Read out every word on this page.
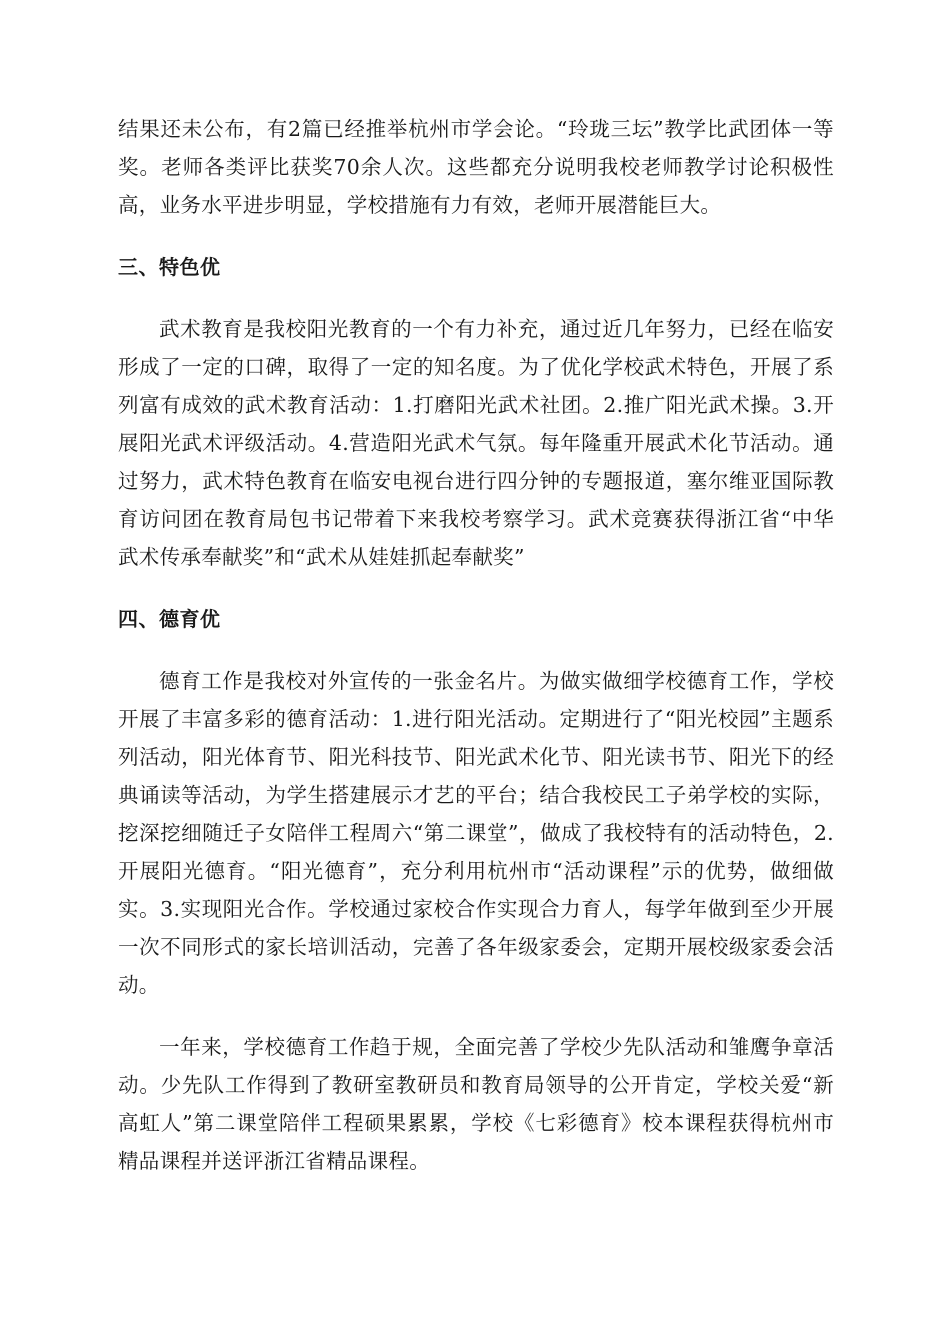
结果还未公布，有2篇已经推举杭州市学会论。“玲珑三坛”教学比武团体一等奖。老师各类评比获奖70余人次。这些都充分说明我校老师教学讨论积极性高，业务水平进步明显，学校措施有力有效，老师开展潜能巨大。

三、特色优

武术教育是我校阳光教育的一个有力补充，通过近几年努力，已经在临安形成了一定的口碑，取得了一定的知名度。为了优化学校武术特色，开展了系列富有成效的武术教育活动：1.打磨阳光武术社团。2.推广阳光武术操。3.开展阳光武术评级活动。4.营造阳光武术气氛。每年隆重开展武术化节活动。通过努力，武术特色教育在临安电视台进行四分钟的专题报道，塞尔维亚国际教育访问团在教育局包书记带着下来我校考察学习。武术竞赛获得浙江省“中华武术传承奉献奖”和“武术从娃娃抓起奉献奖”

四、德育优

德育工作是我校对外宣传的一张金名片。为做实做细学校德育工作，学校开展了丰富多彩的德育活动：1.进行阳光活动。定期进行了“阳光校园”主题系列活动，阳光体育节、阳光科技节、阳光武术化节、阳光读书节、阳光下的经典诵读等活动，为学生搭建展示才艺的平台；结合我校民工子弟学校的实际，挖深挖细随迁子女陪伴工程周六“第二课堂”，做成了我校特有的活动特色，2.开展阳光德育。“阳光德育”，充分利用杭州市“活动课程”示的优势，做细做实。3.实现阳光合作。学校通过家校合作实现合力育人，每学年做到至少开展一次不同形式的家长培训活动，完善了各年级家委会，定期开展校级家委会活动。

一年来，学校德育工作趋于规，全面完善了学校少先队活动和雏鹰争章活动。少先队工作得到了教研室教研员和教育局领导的公开肯定，学校关爱“新高虹人”第二课堂陪伴工程硕果累累，学校《七彩德育》校本课程获得杭州市精品课程并送评浙江省精品课程。
